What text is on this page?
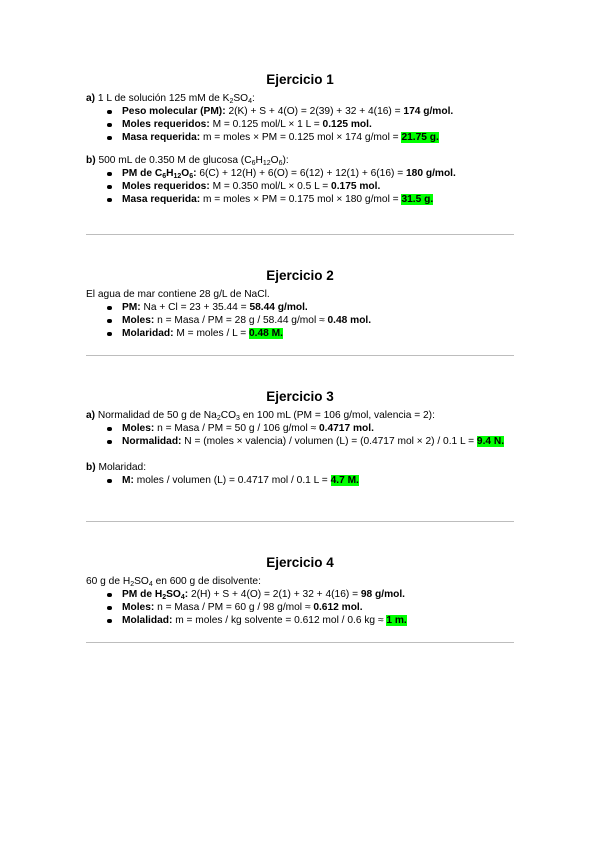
Ejercicio 1
a) 1 L de solución 125 mM de $K_2SO_4$:
Peso molecular (PM): 2(K) + S + 4(O) = 2(39) + 32 + 4(16) = 174 g/mol.
Moles requeridos: M = 0.125 mol/L × 1 L = 0.125 mol.
Masa requerida: m = moles × PM = 0.125 mol × 174 g/mol = 21.75 g.
b) 500 mL de 0.350 M de glucosa $(C_6H_{12}O_6)$:
PM de $C_6H_{12}O_6$: 6(C) + 12(H) + 6(O) = 6(12) + 12(1) + 6(16) = 180 g/mol.
Moles requeridos: M = 0.350 mol/L × 0.5 L = 0.175 mol.
Masa requerida: m = moles × PM = 0.175 mol × 180 g/mol = 31.5 g.
Ejercicio 2
El agua de mar contiene 28 g/L de NaCl.
PM: Na + Cl = 23 + 35.44 = 58.44 g/mol.
Moles: n = Masa / PM = 28 g / 58.44 g/mol ≈ 0.48 mol.
Molaridad: M = moles / L = 0.48 M.
Ejercicio 3
a) Normalidad de 50 g de $Na_2CO_3$ en 100 mL (PM = 106 g/mol, valencia = 2):
Moles: n = Masa / PM = 50 g / 106 g/mol ≈ 0.4717 mol.
Normalidad: N = (moles × valencia) / volumen (L) = (0.4717 mol × 2) / 0.1 L = 9.4 N.
b) Molaridad:
M: moles / volumen (L) = 0.4717 mol / 0.1 L = 4.7 M.
Ejercicio 4
60 g de $H_2SO_4$ en 600 g de disolvente:
PM de $H_2SO_4$: 2(H) + S + 4(O) = 2(1) + 32 + 4(16) = 98 g/mol.
Moles: n = Masa / PM = 60 g / 98 g/mol ≈ 0.612 mol.
Molalidad: m = moles / kg solvente = 0.612 mol / 0.6 kg ≈ 1 m.
